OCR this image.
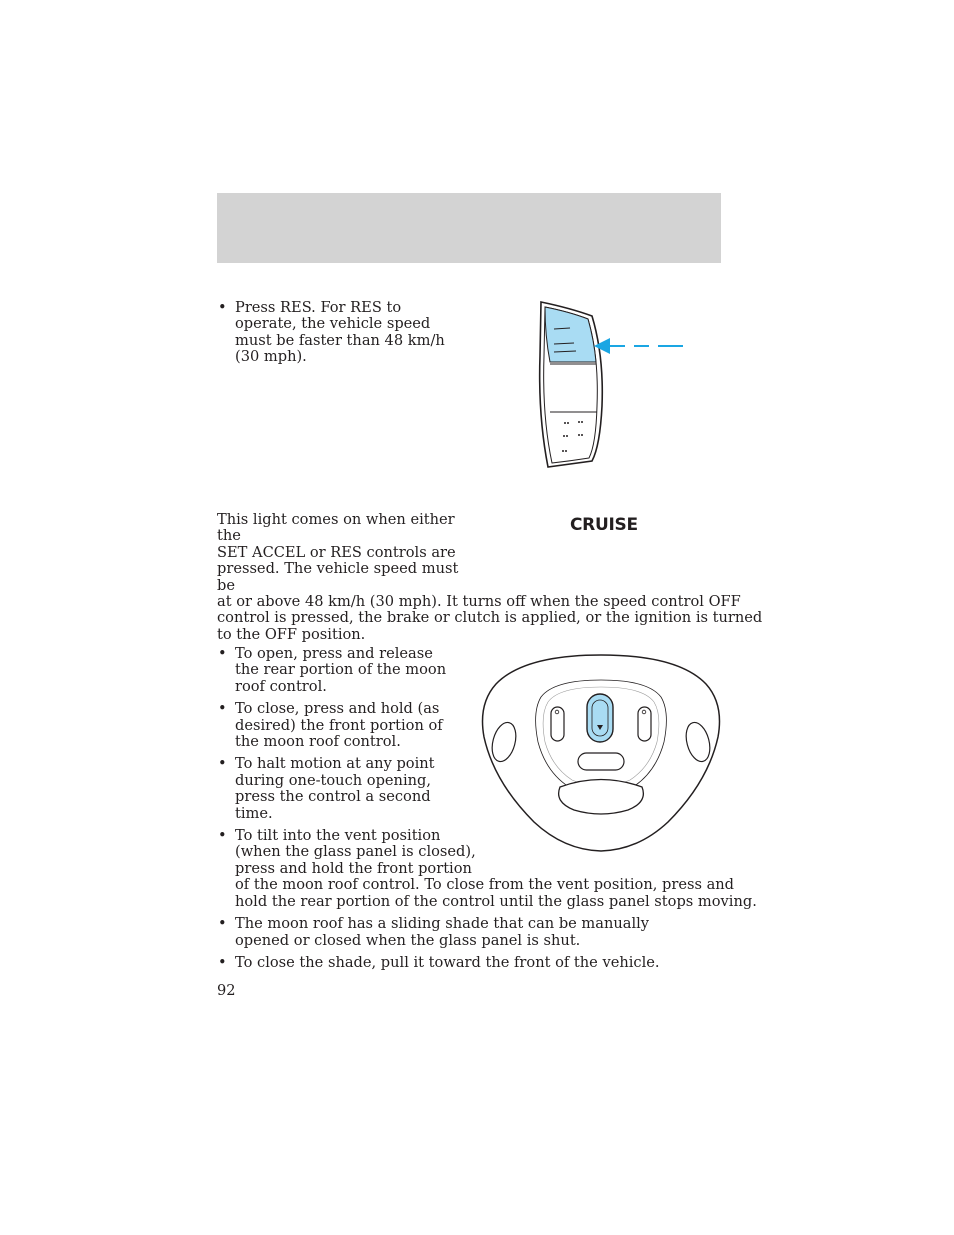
• Press RES. For RES to operate, the vehicle speed must be faster than 48 km/h (30 mph).
This light comes on when either the
SET ACCEL or RES controls are
pressed. The vehicle speed must be
at or above 48 km/h (30 mph). It turns off when the speed control OFF
control is pressed, the brake or clutch is applied, or the ignition is turned
to the OFF position.
CRUISE
• To open, press and release the rear portion of the moon roof control.
• To close, press and hold (as desired) the front portion of the moon roof control.
• To halt motion at any point during one-touch opening, press the control a second time.
• To tilt into the vent position
(when the glass panel is closed),
press and hold the front portion
of the moon roof control. To close from the vent position, press and
hold the rear portion of the control until the glass panel stops moving.
• The moon roof has a sliding shade that can be manually opened or closed when the glass panel is shut.
• To close the shade, pull it toward the front of the vehicle.
92
